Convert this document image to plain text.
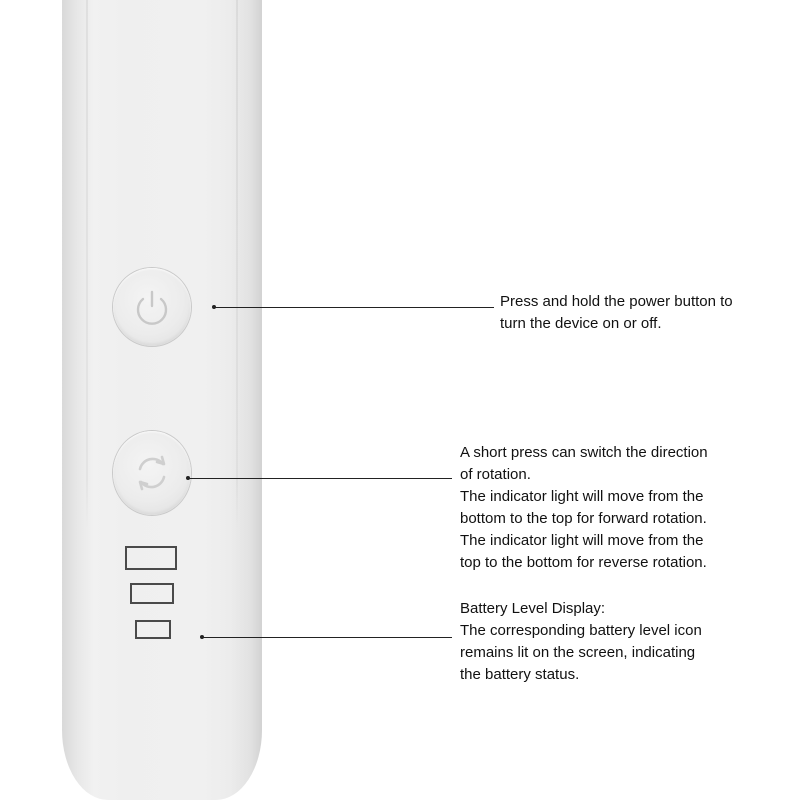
Press and hold the power button to
turn the device on or off.
A short press can switch the direction
of rotation.
The indicator light will move from the
bottom to the top for forward rotation.
The indicator light will move from the
top to the bottom for reverse rotation.
Battery Level Display:
The corresponding battery level icon
remains lit on the screen, indicating
the battery status.
